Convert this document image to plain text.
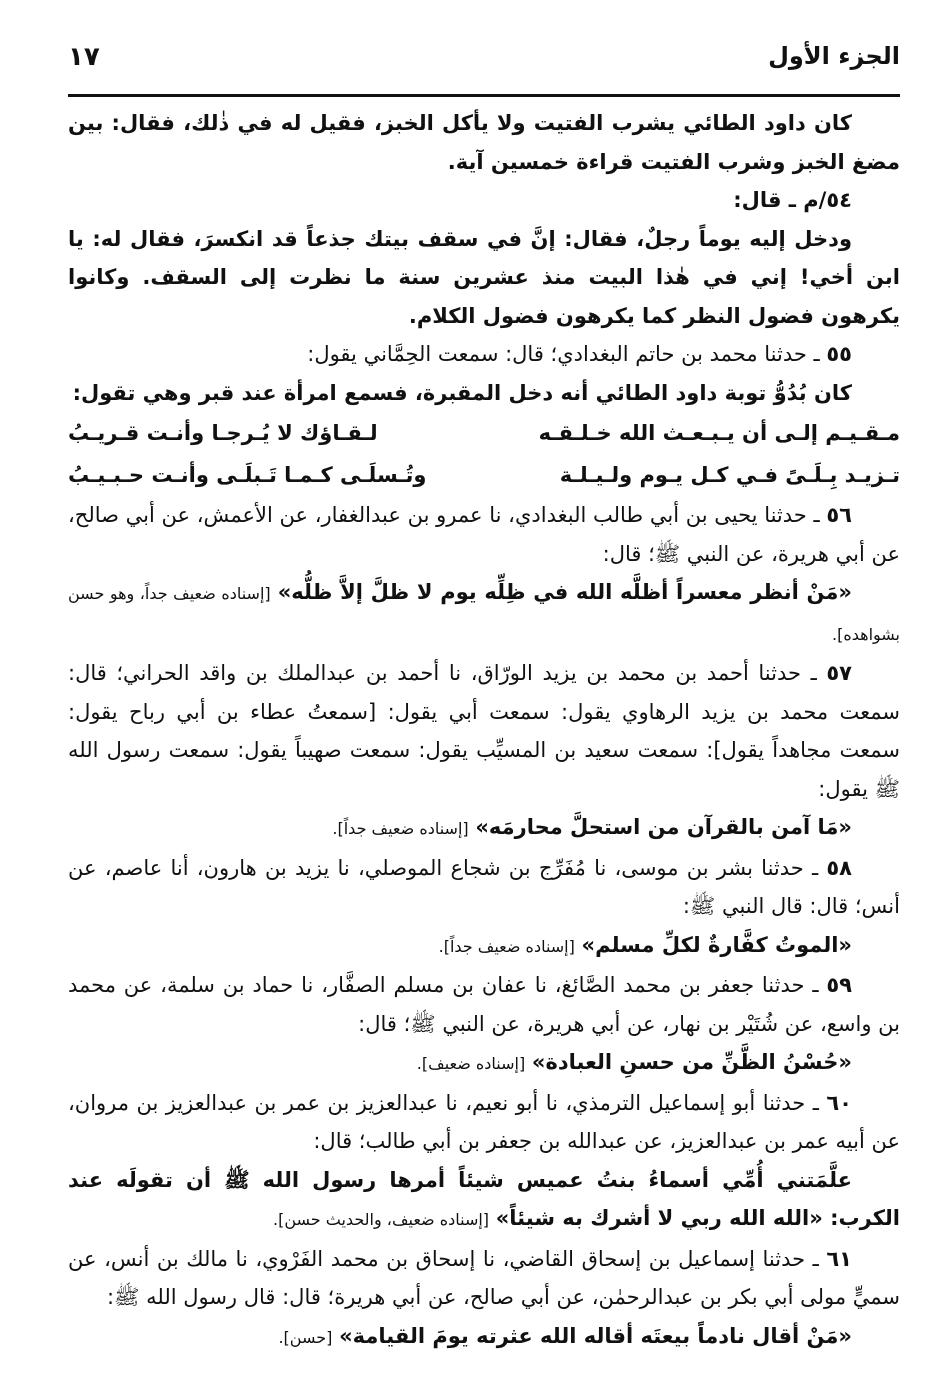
الجزء الأول
١٧

كان داود الطائي يشرب الفتيت ولا يأكل الخبز، فقيل له في ذٰلك، فقال: بين مضغ الخبز وشرب الفتيت قراءة خمسين آية.

٥٤/م ـ قال:

ودخل إليه يوماً رجلٌ، فقال: إنَّ في سقف بيتك جذعاً قد انكسرَ، فقال له: يا ابن أخي! إني في هٰذا البيت منذ عشرين سنة ما نظرت إلى السقف. وكانوا يكرهون فضول النظر كما يكرهون فضول الكلام.

٥٥ ـ حدثنا محمد بن حاتم البغدادي؛ قال: سمعت الحِمَّاني يقول:

كان بُدُوُّ توبة داود الطائي أنه دخل المقبرة، فسمع امرأة عند قبر وهي تقول:

مـقـيـم إلـى أن يـبـعـث الله خـلـقـه
لـقـاؤك لا يُـرجـا وأنـت قـريـبُ
تـزيـد بِـلَـىً فـي كـل يـوم ولـيـلـة
وتُـسلَـى كـمـا تَـبلَـى وأنـت حـبـيـبُ

٥٦ ـ حدثنا يحيى بن أبي طالب البغدادي، نا عمرو بن عبدالغفار، عن الأعمش، عن أبي صالح، عن أبي هريرة، عن النبي ﷺ؛ قال:

«مَنْ أنظر معسراً أظلَّه الله في ظِلِّه يوم لا ظلَّ إلاَّ ظلُّه» [إسناده ضعيف جداً، وهو حسن بشواهده].

٥٧ ـ حدثنا أحمد بن محمد بن يزيد الورّاق، نا أحمد بن عبدالملك بن واقد الحراني؛ قال: سمعت محمد بن يزيد الرهاوي يقول: سمعت أبي يقول: [سمعتُ عطاء بن أبي رباح يقول: سمعت مجاهداً يقول]: سمعت سعيد بن المسيِّب يقول: سمعت صهيباً يقول: سمعت رسول الله ﷺ يقول:

«مَا آمن بالقرآن من استحلَّ محارمَه» [إسناده ضعيف جداً].

٥٨ ـ حدثنا بشر بن موسى، نا مُفَرِّج بن شجاع الموصلي، نا يزيد بن هارون، أنا عاصم، عن أنس؛ قال: قال النبي ﷺ:

«الموتُ كفَّارةٌ لكلِّ مسلم» [إسناده ضعيف جداً].

٥٩ ـ حدثنا جعفر بن محمد الصَّائغ، نا عفان بن مسلم الصفَّار، نا حماد بن سلمة، عن محمد بن واسع، عن شُتَيْر بن نهار، عن أبي هريرة، عن النبي ﷺ؛ قال:

«حُسْنُ الظَّنِّ من حسنِ العبادة» [إسناده ضعيف].

٦٠ ـ حدثنا أبو إسماعيل الترمذي، نا أبو نعيم، نا عبدالعزيز بن عمر بن عبدالعزيز بن مروان، عن أبيه عمر بن عبدالعزيز، عن عبدالله بن جعفر بن أبي طالب؛ قال:

علَّمَتني أُمِّي أسماءُ بنتُ عميس شيئاً أمرها رسول الله ﷺ أن تقولَه عند الكرب: «الله الله ربي لا أشرك به شيئاً» [إسناده ضعيف، والحديث حسن].

٦١ ـ حدثنا إسماعيل بن إسحاق القاضي، نا إسحاق بن محمد الفَرْوي، نا مالك بن أنس، عن سميٍّ مولى أبي بكر بن عبدالرحمٰن، عن أبي صالح، عن أبي هريرة؛ قال: قال رسول الله ﷺ:

«مَنْ أقال نادماً بيعتَه أقاله الله عثرته يومَ القيامة» [حسن].
